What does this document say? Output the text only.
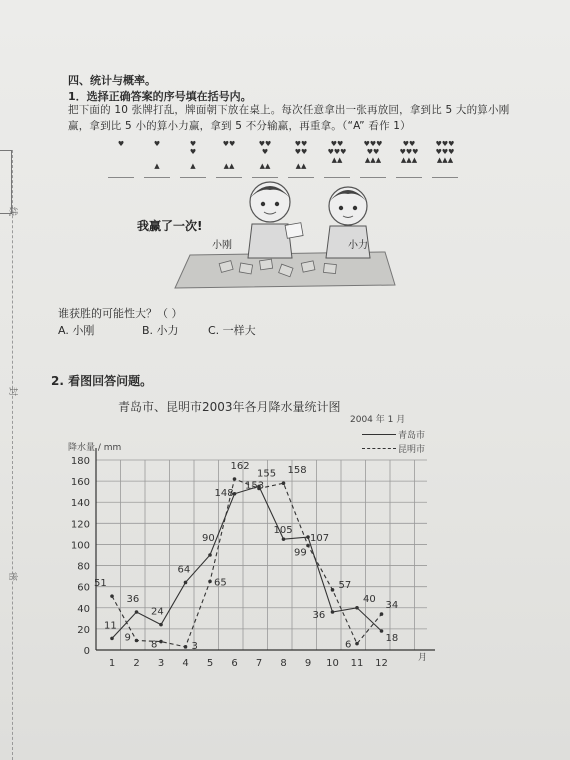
线
封
密
四、统计与概率。
1．选择正确答案的序号填在括号内。
把下面的 10 张牌打乱，牌面朝下放在桌上。每次任意拿出一张再放回，拿到比 5 大的算小刚赢，拿到比 5 小的算小力赢，拿到 5 不分输赢，再重拿。（“A” 看作 1）
♥	♥
▲
♥
♥
▲
♥♥
▲▲
♥♥
♥
▲▲
♥♥
♥♥
▲▲
♥♥
♥♥♥
▲▲
♥♥♥
♥♥
▲▲▲
♥♥
♥♥♥
▲▲▲
♥♥♥
♥♥♥
▲▲▲
我赢了一次!
小刚	小力
谁获胜的可能性大？（ ）
A. 小刚	B. 小力	C. 一样大
2. 看图回答问题。
青岛市、昆明市2003年各月降水量统计图
2004 年 1 月
青岛市
昆明市
降水量 / mm
0
20
40
60
80
100
120
140
160
180
1 2 3 4 5 6 7 8 9 10 11 12	月
11
36
24
64
90
148
155
105
107
36
40
18
51
9
8	3
65
162
153
158
99
57
6
34
